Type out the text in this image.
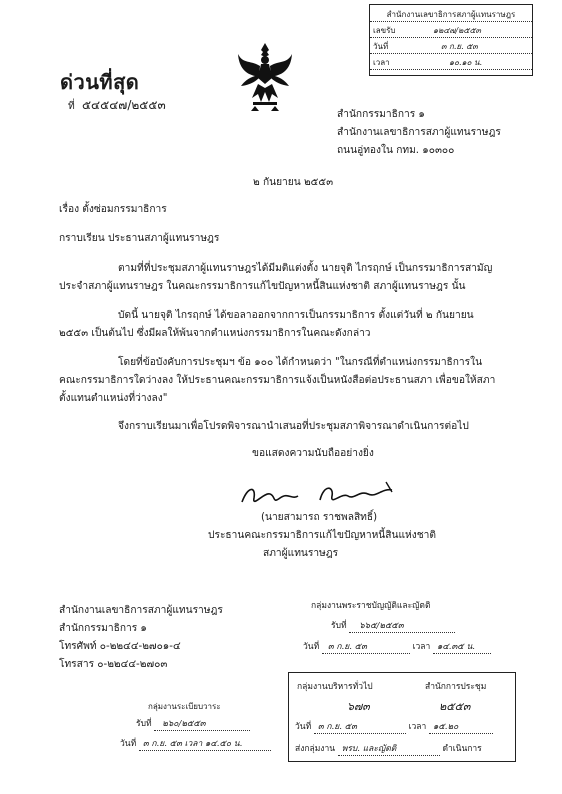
สำนักงานเลขาธิการสภาผู้แทนราษฎร
เลขรับ	๑๒๔๗/๒๕๕๓
วันที่	๓ ก.ย. ๕๓
เวลา	๑๐.๑๐ น.
ด่วนที่สุด
ที่ ๕๔๕๔๗/๒๕๕๓
สำนักกรรมาธิการ ๑
สำนักงานเลขาธิการสภาผู้แทนราษฎร
ถนนอู่ทองใน กทม. ๑๐๓๐๐
๒ กันยายน ๒๕๕๓
เรื่อง ตั้งซ่อมกรรมาธิการ
กราบเรียน ประธานสภาผู้แทนราษฎร
ตามที่ที่ประชุมสภาผู้แทนราษฎรได้มีมติแต่งตั้ง นายจุติ ไกรฤกษ์ เป็นกรรมาธิการสามัญ
ประจำสภาผู้แทนราษฎร ในคณะกรรมาธิการแก้ไขปัญหาหนี้สินแห่งชาติ สภาผู้แทนราษฎร นั้น
บัดนี้ นายจุติ ไกรฤกษ์ ได้ขอลาออกจากการเป็นกรรมาธิการ ตั้งแต่วันที่ ๒ กันยายน
๒๕๕๓ เป็นต้นไป ซึ่งมีผลให้พ้นจากตำแหน่งกรรมาธิการในคณะดังกล่าว
โดยที่ข้อบังคับการประชุมฯ ข้อ ๑๐๐ ได้กำหนดว่า "ในกรณีที่ตำแหน่งกรรมาธิการใน
คณะกรรมาธิการใดว่างลง ให้ประธานคณะกรรมาธิการแจ้งเป็นหนังสือต่อประธานสภา เพื่อขอให้สภา
ตั้งแทนตำแหน่งที่ว่างลง"
จึงกราบเรียนมาเพื่อโปรดพิจารณานำเสนอที่ประชุมสภาพิจารณาดำเนินการต่อไป
ขอแสดงความนับถืออย่างยิ่ง
(นายสามารถ ราชพลสิทธิ์)
ประธานคณะกรรมาธิการแก้ไขปัญหาหนี้สินแห่งชาติ
สภาผู้แทนราษฎร
สำนักงานเลขาธิการสภาผู้แทนราษฎร
สำนักกรรมาธิการ ๑
โทรศัพท์ ๐-๒๒๔๔-๒๗๐๑-๔
โทรสาร ๐-๒๒๔๔-๒๗๐๓
กลุ่มงานระเบียบวาระ
รับที่ ๒๖๐/๒๕๕๓
วันที่ ๓ ก.ย. ๕๓ เวลา ๑๔.๕๐ น.
กลุ่มงานพระราชบัญญัติและญัตติ
รับที่ ๖๖๕/๒๕๕๓
วันที่ ๓ ก.ย. ๕๓	เวลา ๑๔.๓๕ น.
กลุ่มงานบริหารทั่วไป	สำนักการประชุม
๖๗๓	๒๕๕๓
วันที่ ๓ ก.ย. ๕๓	เวลา ๑๕.๒๐
ส่งกลุ่มงาน พรบ. และญัตติ	ดำเนินการ
